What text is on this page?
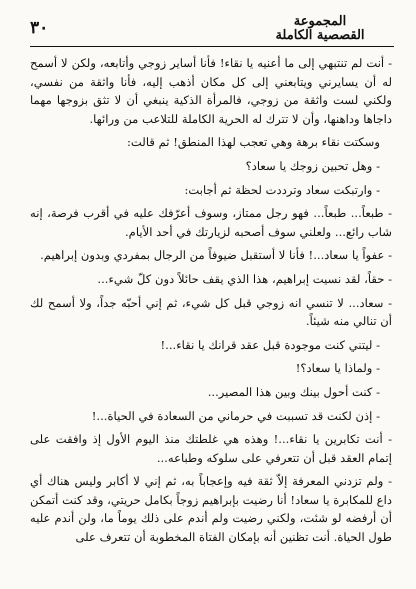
٣٠	المجموعة
القصصية الكاملة

- أنت لم تنتبهي إلى ما أعنيه يا نقاء! فأنا أساير زوجي وأتابعه، ولكن لا أسمح له أن يسايرني ويتابعني إلى كل مكان أذهب إليه، فأنا واثقة من نفسي، ولكني لست واثقة من زوجي، فالمرأة الذكية ينبغي أن لا تثق بزوجها مهما داجاها وداهنها، وأن لا تترك له الحرية الكاملة للتلاعب من ورائها.

وسكتت نقاء برهة وهي تعجب لهذا المنطق! ثم قالت:

- وهل تحبين زوجك يا سعاد؟

- وارتبكت سعاد وترددت لحظة ثم أجابت:

- طبعاً... طبعاً... فهو رجل ممتاز، وسوف أعرّفك عليه في أقرب فرصة، إنه شاب رائع... ولعلني سوف أصحبه لزيارتك في أحد الأيام.

- عفواً يا سعاد...! فأنا لا أستقبل ضيوفاً من الرجال بمفردي وبدون إبراهيم.

- حقاً، لقد نسيت إبراهيم، هذا الذي يقف حائلاً دون كلّ شيء...

- سعاد... لا تنسي انه زوجي قبل كل شيء، ثم إني أحبّه جداً، ولا أسمح لك أن تنالي منه شيئاً.

- ليتني كنت موجودة قبل عقد قرانك يا نقاء...!

- ولماذا يا سعاد؟!

- كنت أحول بينك وبين هذا المصير...

- إذن لكنت قد تسببت في حرماني من السعادة في الحياة...!

- أنت تكابرين يا نقاء...! وهذه هي غلطتك منذ اليوم الأول إذ وافقت على إتمام العقد قبل أن تتعرفي على سلوكه وطباعه...

- ولم تزدني المعرفة إلاّ ثقة فيه وإعجاباً به، ثم إني لا أكابر وليس هناك أي داع للمكابرة يا سعاد! أنا رضيت بإبراهيم زوجاً بكامل حريتي، وقد كنت أتمكن أن أرفضه لو شئت، ولكني رضيت ولم أندم على ذلك يوماً ما، ولن أندم عليه طول الحياة. أنت تظنين أنه بإمكان الفتاة المخطوبة أن تتعرف على
